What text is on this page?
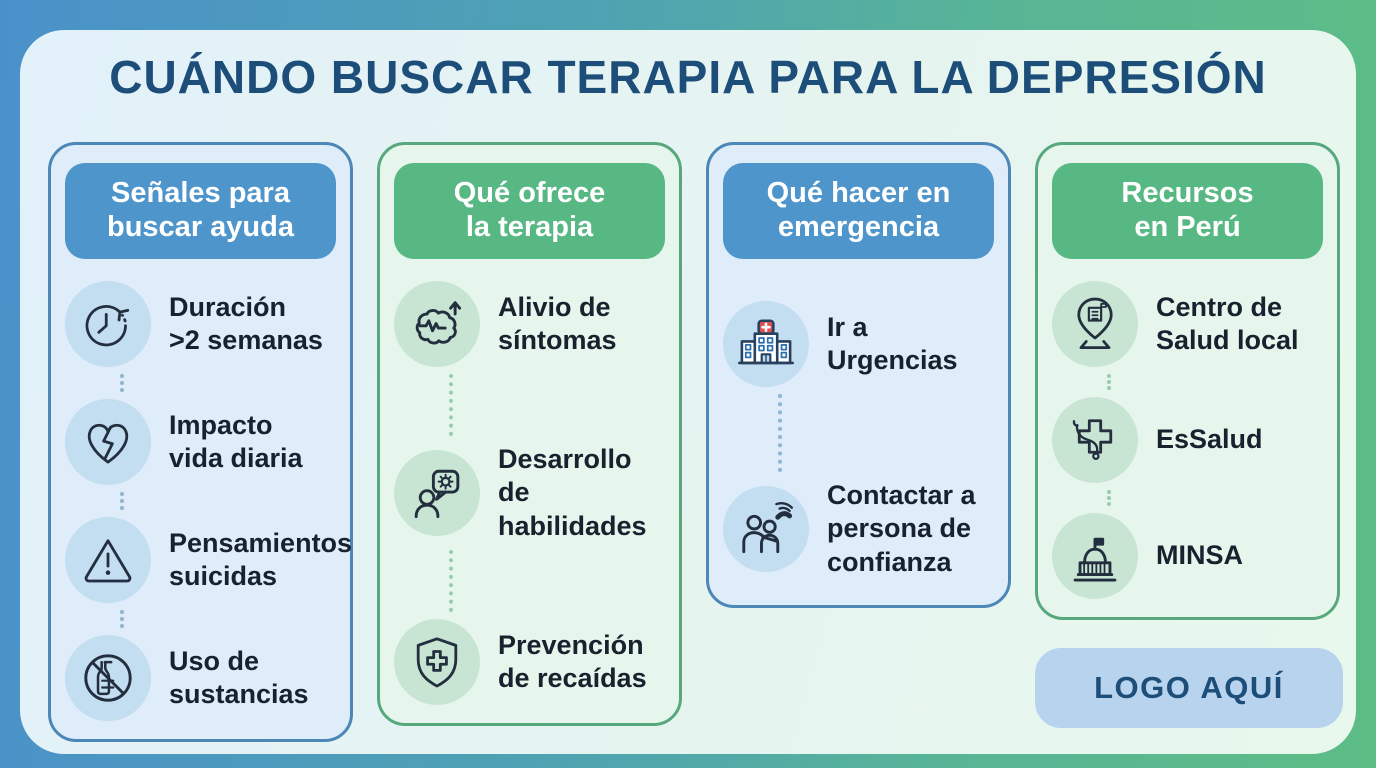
CUÁNDO BUSCAR TERAPIA PARA LA DEPRESIÓN
Señales para
buscar ayuda
Duración
>2 semanas
Impacto
vida diaria
Pensamientos
suicidas
Uso de
sustancias
Qué ofrece
la terapia
Alivio de
síntomas
Desarrollo de
habilidades
Prevención
de recaídas
Qué hacer en
emergencia
Ir a
Urgencias
Contactar a
persona de
confianza
Recursos
en Perú
Centro de
Salud local
EsSalud
MINSA
LOGO AQUÍ
